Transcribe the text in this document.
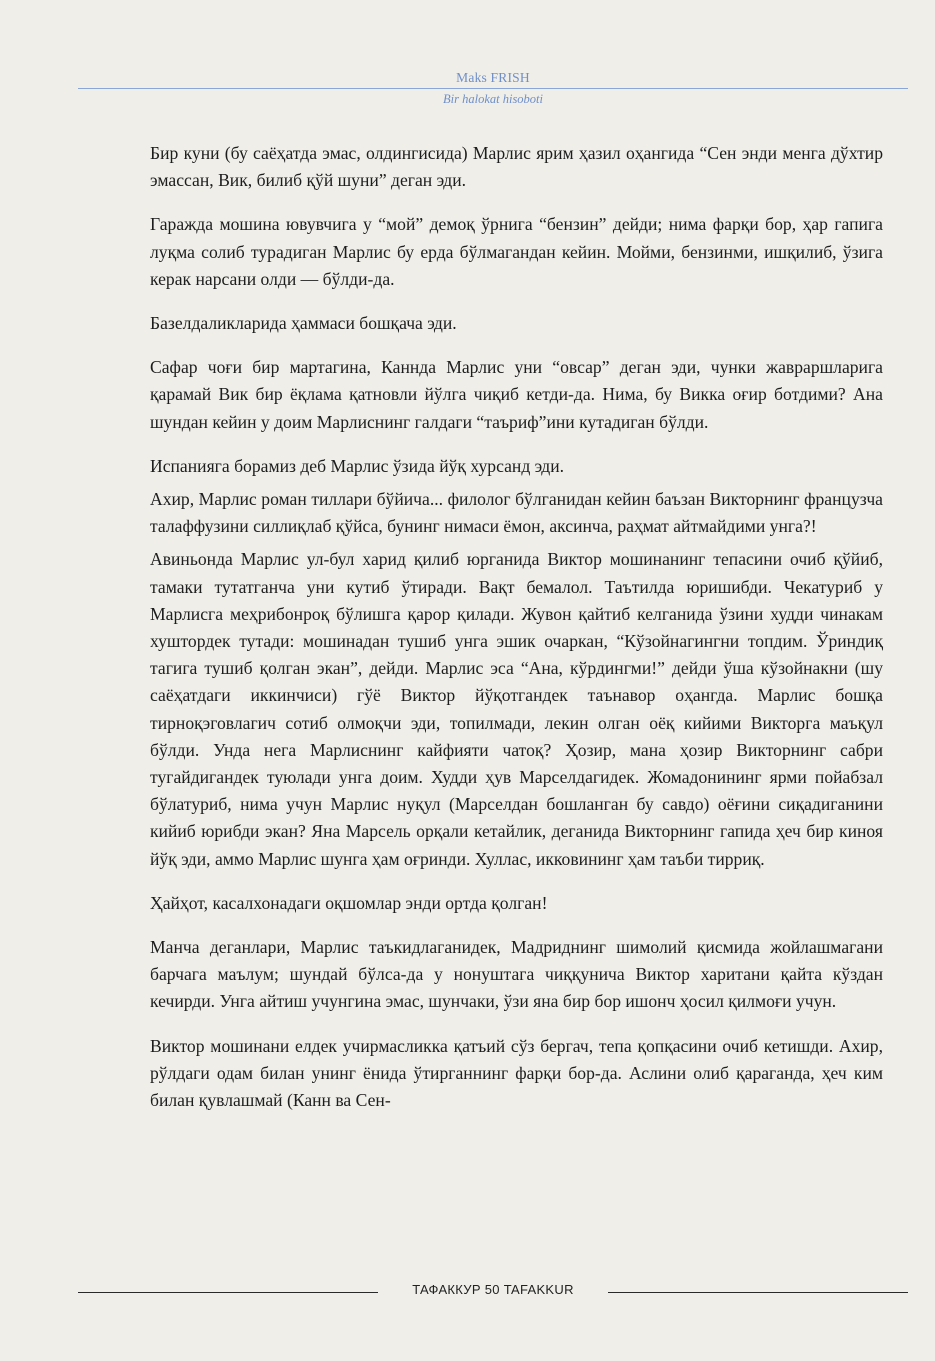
Maks FRISH
Bir halokat hisoboti

Бир куни (бу саёҳатда эмас, олдингисида) Марлис ярим ҳазил оҳангида “Сен энди менга дўхтир эмассан, Вик, билиб қўй шуни” деган эди.

Гаражда мошина ювувчига у “мой” демоқ ўрнига “бензин” дейди; нима фарқи бор, ҳар гапига луқма солиб турадиган Марлис бу ерда бўлмагандан кейин. Мойми, бензинми, ишқилиб, ўзига керак нарсани олди — бўлди-да.

Базелдаликларида ҳаммаси бошқача эди.

Сафар чоғи бир мартагина, Каннда Марлис уни “овсар” деган эди, чунки жавраршларига қарамай Вик бир ёқлама қатновли йўлга чиқиб кетди-да. Нима, бу Викка оғир ботдими? Ана шундан кейин у доим Марлиснинг галдаги “таъриф”ини кутадиган бўлди.

Испанияга борамиз деб Марлис ўзида йўқ хурсанд эди.

Ахир, Марлис роман тиллари бўйича... филолог бўлганидан кейин баъзан Викторнинг французча талаффузини силлиқлаб қўйса, бунинг нимаси ёмон, аксинча, раҳмат айтмайдими унга?!

Авиньонда Марлис ул-бул харид қилиб юрганида Виктор мошинанинг тепасини очиб қўйиб, тамаки тутатганча уни кутиб ўтиради. Вақт бемалол. Таътилда юришибди. Чекатуриб у Марлисга меҳрибонроқ бўлишга қарор қилади. Жувон қайтиб келганида ўзини худди чинакам хуштордек тутади: мошинадан тушиб унга эшик очаркан, “Кўзойнагингни топдим. Ўриндиқ тагига тушиб қолган экан”, дейди. Марлис эса “Ана, кўрдингми!” дейди ўша кўзойнакни (шу саёҳатдаги иккинчиси) гўё Виктор йўқотгандек таънавор оҳангда. Марлис бошқа тирноқэговлагич сотиб олмоқчи эди, топилмади, лекин олган оёқ кийими Викторга маъқул бўлди. Унда нега Марлиснинг кайфияти чатоқ? Ҳозир, мана ҳозир Викторнинг сабри тугайдигандек туюлади унга доим. Худди ҳув Марселдагидек. Жомадонининг ярми пойабзал бўлатуриб, нима учун Марлис нуқул (Марселдан бошланган бу савдо) оёғини сиқадиганини кийиб юрибди экан? Яна Марсель орқали кетайлик, деганида Викторнинг гапида ҳеч бир киноя йўқ эди, аммо Марлис шунга ҳам оғринди. Хуллас, икковининг ҳам таъби тирриқ.

Ҳайҳот, касалхонадаги оқшомлар энди ортда қолган!

Манча деганлари, Марлис таъкидлаганидек, Мадриднинг шимолий қисмида жойлашмагани барчага маълум; шундай бўлса-да у нонуштага чиққунича Виктор харитани қайта кўздан кечирди. Унга айтиш учунгина эмас, шунчаки, ўзи яна бир бор ишонч ҳосил қилмоғи учун.

Виктор мошинани елдек учирмасликка қатъий сўз бергач, тепа қопқасини очиб кетишди. Ахир, рўлдаги одам билан унинг ёнида ўтирганнинг фарқи бор-да. Аслини олиб қараганда, ҳеч ким билан қувлашмай (Канн ва Сен-

ТАФАККУР 50 TAFAKKUR
